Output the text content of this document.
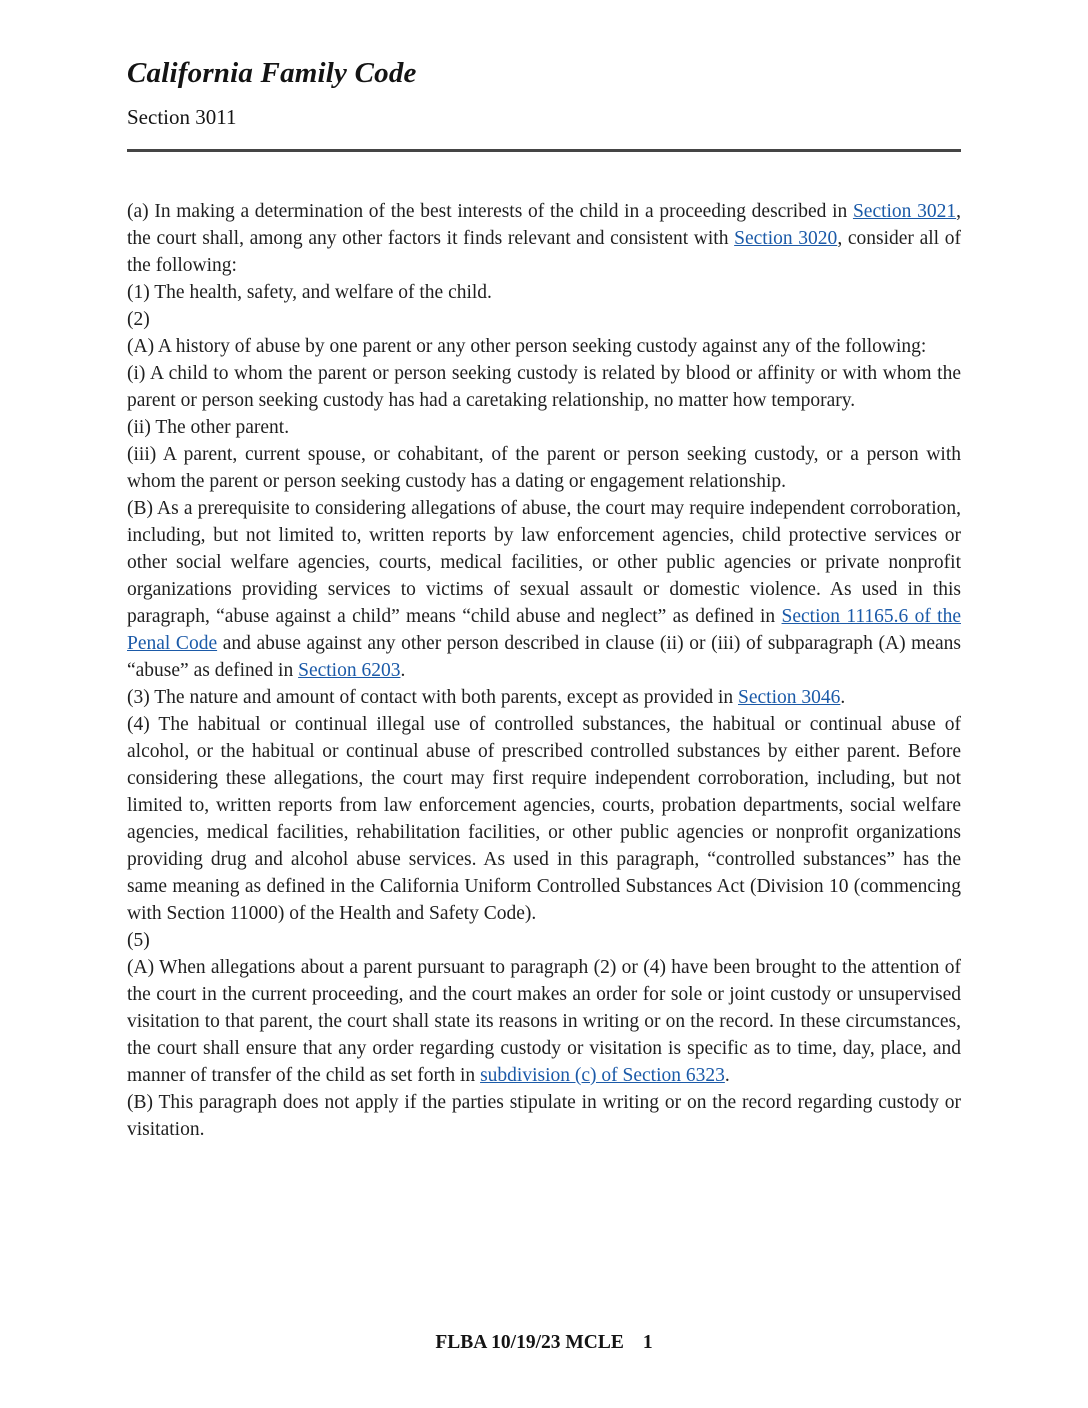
California Family Code
Section 3011

(a) In making a determination of the best interests of the child in a proceeding described in Section 3021, the court shall, among any other factors it finds relevant and consistent with Section 3020, consider all of the following:

(1) The health, safety, and welfare of the child.

(2)

(A) A history of abuse by one parent or any other person seeking custody against any of the following:

(i) A child to whom the parent or person seeking custody is related by blood or affinity or with whom the parent or person seeking custody has had a caretaking relationship, no matter how temporary.

(ii) The other parent.

(iii) A parent, current spouse, or cohabitant, of the parent or person seeking custody, or a person with whom the parent or person seeking custody has a dating or engagement relationship.

(B) As a prerequisite to considering allegations of abuse, the court may require independent corroboration, including, but not limited to, written reports by law enforcement agencies, child protective services or other social welfare agencies, courts, medical facilities, or other public agencies or private nonprofit organizations providing services to victims of sexual assault or domestic violence. As used in this paragraph, “abuse against a child” means “child abuse and neglect” as defined in Section 11165.6 of the Penal Code and abuse against any other person described in clause (ii) or (iii) of subparagraph (A) means “abuse” as defined in Section 6203.

(3) The nature and amount of contact with both parents, except as provided in Section 3046.

(4) The habitual or continual illegal use of controlled substances, the habitual or continual abuse of alcohol, or the habitual or continual abuse of prescribed controlled substances by either parent. Before considering these allegations, the court may first require independent corroboration, including, but not limited to, written reports from law enforcement agencies, courts, probation departments, social welfare agencies, medical facilities, rehabilitation facilities, or other public agencies or nonprofit organizations providing drug and alcohol abuse services. As used in this paragraph, “controlled substances” has the same meaning as defined in the California Uniform Controlled Substances Act (Division 10 (commencing with Section 11000) of the Health and Safety Code).

(5)

(A) When allegations about a parent pursuant to paragraph (2) or (4) have been brought to the attention of the court in the current proceeding, and the court makes an order for sole or joint custody or unsupervised visitation to that parent, the court shall state its reasons in writing or on the record. In these circumstances, the court shall ensure that any order regarding custody or visitation is specific as to time, day, place, and manner of transfer of the child as set forth in subdivision (c) of Section 6323.

(B) This paragraph does not apply if the parties stipulate in writing or on the record regarding custody or visitation.

FLBA 10/19/23 MCLE 1
